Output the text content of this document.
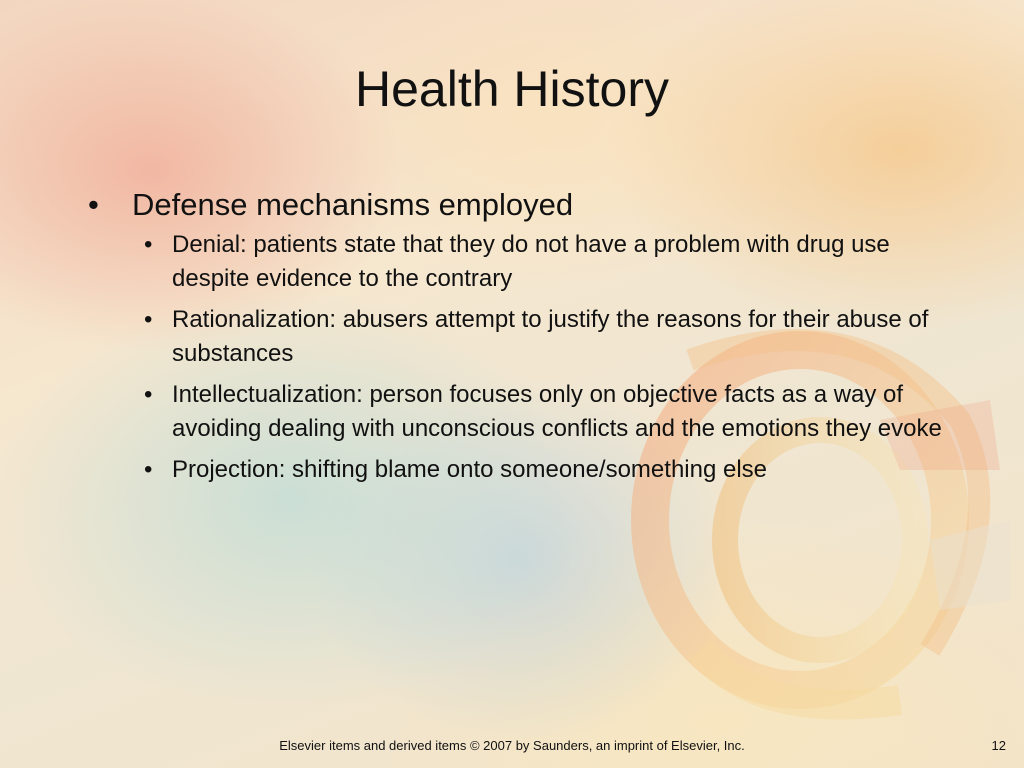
Health History
•	Defense mechanisms employed
• Denial: patients state that they do not have a problem with drug use despite evidence to the contrary
• Rationalization: abusers attempt to justify the reasons for their abuse of substances
• Intellectualization: person focuses only on objective facts as a way of avoiding dealing with unconscious conflicts and the emotions they evoke
• Projection: shifting blame onto someone/something else
Elsevier items and derived items © 2007 by Saunders, an imprint of Elsevier, Inc.	12
